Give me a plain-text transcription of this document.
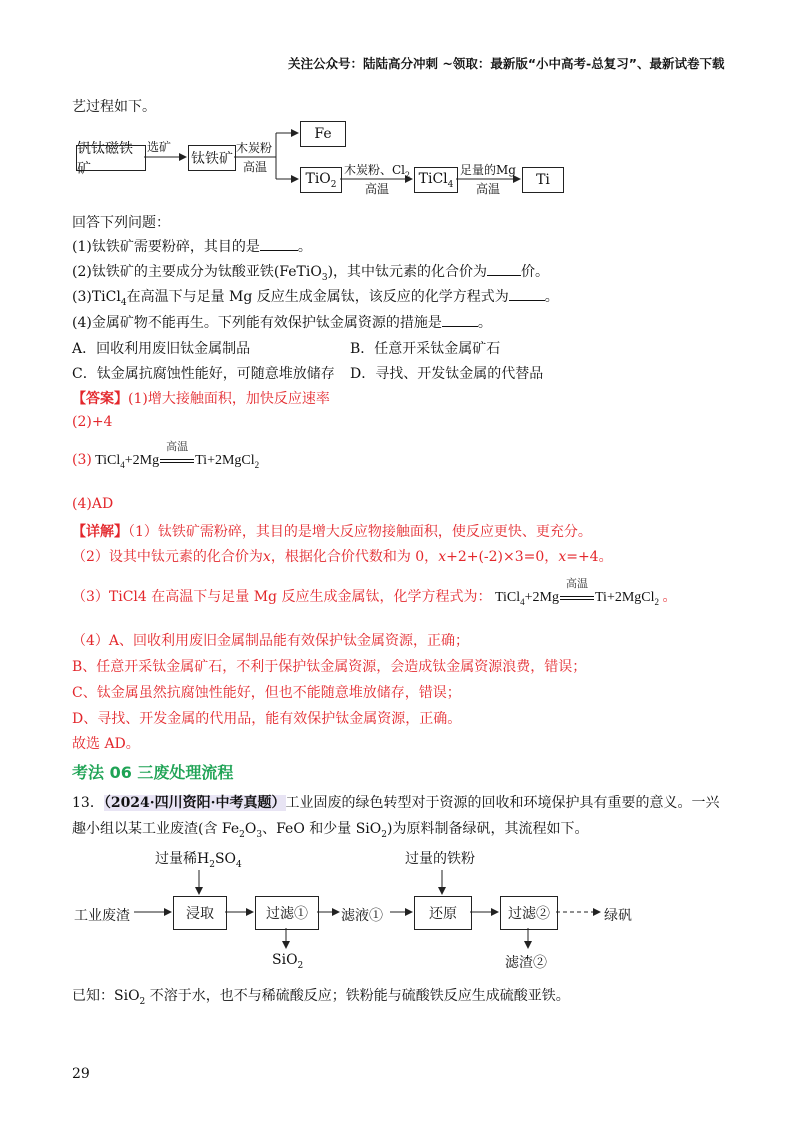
关注公众号：陆陆高分冲刺 ~领取：最新版“小中高考-总复习”、最新试卷下载
艺过程如下。
钒钛磁铁矿
钛铁矿
Fe
TiO$_2$	TiCl$_4$	Ti
选矿	木炭粉
高温	木炭粉、$Cl_2$
高温
足量的Mg
高温
回答下列问题：
(1)钛铁矿需要粉碎，其目的是	。
(2)钛铁矿的主要成分为钛酸亚铁(FeTiO$_3$)，其中钛元素的化合价为 价。
(3)TiCl$_4$在高温下与足量 Mg 反应生成金属钛，该反应的化学方程式为	。
(4)金属矿物不能再生。下列能有效保护钛金属资源的措施是	。
A．回收利用废旧钛金属制品	B．任意开采钛金属矿石
C．钛金属抗腐蚀性能好，可随意堆放储存 D．寻找、开发钛金属的代替品
【答案】(1)增大接触面积，加快反应速率
(2)+4
(3) TiCl$_4$+2Mg
高温
Ti+2MgCl$_2$
(4)AD
【详解】（1）钛铁矿需粉碎，其目的是增大反应物接触面积，使反应更快、更充分。
（2）设其中钛元素的化合价为x，根据化合价代数和为 0，x+2+(-2)×3=0，x=+4。
（3）TiCl4 在高温下与足量 Mg 反应生成金属钛，化学方程式为： TiCl$_4$+2Mg
高温
Ti+2MgCl$_2$ 。
（4）A、回收利用废旧金属制品能有效保护钛金属资源，正确；
B、任意开采钛金属矿石，不利于保护钛金属资源，会造成钛金属资源浪费，错误；
C、钛金属虽然抗腐蚀性能好，但也不能随意堆放储存，错误；
D、寻找、开发金属的代用品，能有效保护钛金属资源，正确。
故选 AD。
考法 06 三废处理流程
13．（2024·四川资阳·中考真题）工业固废的绿色转型对于资源的回收和环境保护具有重要的意义。一兴
趣小组以某工业废渣(含 $Fe_2O_3$、FeO 和少量 SiO$_2$)为原料制备绿矾，其流程如下。
过量稀$H_2SO_4$	过量的铁粉
工业废渣	浸取	过滤① 滤液①	还原	过滤②	绿矾
SiO$_2$	滤渣②
已知：SiO$_2$ 不溶于水，也不与稀硫酸反应；铁粉能与硫酸铁反应生成硫酸亚铁。
29
